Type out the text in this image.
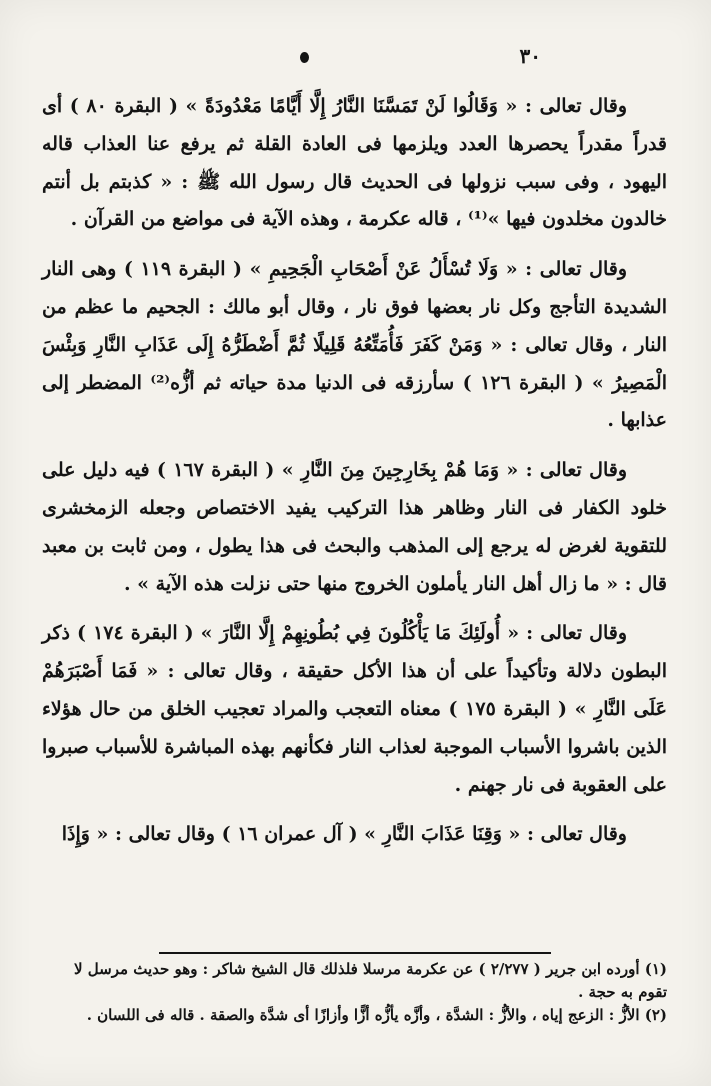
٣٠

وقال تعالى : « وَقَالُوا لَنْ تَمَسَّنَا النَّارُ إِلَّا أَيَّامًا مَعْدُودَةً » ( البقرة ٨٠ ) أى قدراً مقدراً يحصرها العدد ويلزمها فى العادة القلة ثم يرفع عنا العذاب قاله اليهود ، وفى سبب نزولها فى الحديث قال رسول الله ﷺ : « كذبتم بل أنتم خالدون مخلدون فيها »⁽¹⁾ ، قاله عكرمة ، وهذه الآية فى مواضع من القرآن .

وقال تعالى : « وَلَا تُسْأَلُ عَنْ أَصْحَابِ الْجَحِيمِ » ( البقرة ١١٩ ) وهى النار الشديدة التأجج وكل نار بعضها فوق نار ، وقال أبو مالك : الجحيم ما عظم من النار ، وقال تعالى : « وَمَنْ كَفَرَ فَأُمَتِّعُهُ قَلِيلًا ثُمَّ أَضْطَرُّهُ إِلَى عَذَابِ النَّارِ وَبِئْسَ الْمَصِيرُ » ( البقرة ١٢٦ ) سأرزقه فى الدنيا مدة حياته ثم أزُّه⁽²⁾ المضطر إلى عذابها .

وقال تعالى : « وَمَا هُمْ بِخَارِجِينَ مِنَ النَّارِ » ( البقرة ١٦٧ ) فيه دليل على خلود الكفار فى النار وظاهر هذا التركيب يفيد الاختصاص وجعله الزمخشرى للتقوية لغرض له يرجع إلى المذهب والبحث فى هذا يطول ، ومن ثابت بن معبد قال : « ما زال أهل النار يأملون الخروج منها حتى نزلت هذه الآية » .

وقال تعالى : « أُولَئِكَ مَا يَأْكُلُونَ فِي بُطُونِهِمْ إِلَّا النَّارَ » ( البقرة ١٧٤ ) ذكر البطون دلالة وتأكيداً على أن هذا الأكل حقيقة ، وقال تعالى : « فَمَا أَصْبَرَهُمْ عَلَى النَّارِ » ( البقرة ١٧٥ ) معناه التعجب والمراد تعجيب الخلق من حال هؤلاء الذين باشروا الأسباب الموجبة لعذاب النار فكأنهم بهذه المباشرة للأسباب صبروا على العقوبة فى نار جهنم .

وقال تعالى : « وَقِنَا عَذَابَ النَّارِ » ( آل عمران ١٦ ) وقال تعالى : « وَإِذَا

(١) أورده ابن جرير ( ٢/٢٧٧ ) عن عكرمة مرسلا فلذلك قال الشيخ شاكر : وهو حديث مرسل لا تقوم به حجة .

(٢) الأزُّ : الزعج إياه ، والأزُّ : الشدَّة ، وأزَّه يأزُّه أزًّا وأزازًا أى شدَّة والصقة . قاله فى اللسان .
